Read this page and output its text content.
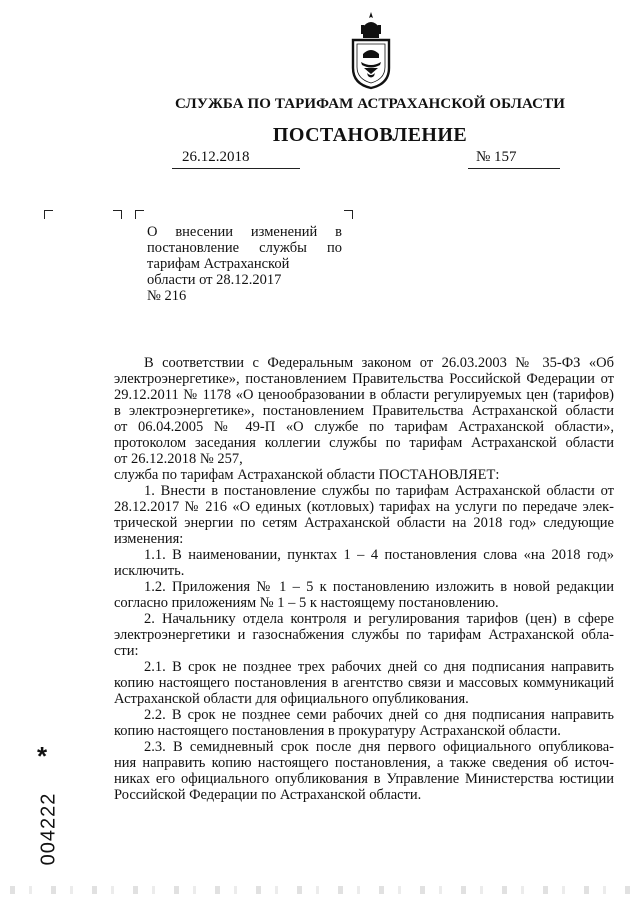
СЛУЖБА ПО ТАРИФАМ АСТРАХАНСКОЙ ОБЛАСТИ
ПОСТАНОВЛЕНИЕ
26.12.2018	№ 157
О внесении изменений в
постановление службы по
тарифам Астраханской
области от 28.12.2017
№ 216
В соответствии с Федеральным законом от 26.03.2003 № 35-ФЗ «Об
электроэнергетике», постановлением Правительства Российской Федерации от
29.12.2011 № 1178 «О ценообразовании в области регулируемых цен (тарифов)
в электроэнергетике», постановлением Правительства Астраханской области
от 06.04.2005 № 49-П «О службе по тарифам Астраханской области»,
протоколом заседания коллегии службы по тарифам Астраханской области
от 26.12.2018 № 257,
служба по тарифам Астраханской области ПОСТАНОВЛЯЕТ:
1. Внести в постановление службы по тарифам Астраханской области от
28.12.2017 № 216 «О единых (котловых) тарифах на услуги по передаче элек-
трической энергии по сетям Астраханской области на 2018 год» следующие
изменения:
1.1. В наименовании, пунктах 1 – 4 постановления слова «на 2018 год»
исключить.
1.2. Приложения № 1 – 5 к постановлению изложить в новой редакции
согласно приложениям № 1 – 5 к настоящему постановлению.
2. Начальнику отдела контроля и регулирования тарифов (цен) в сфере
электроэнергетики и газоснабжения службы по тарифам Астраханской обла-
сти:
2.1. В срок не позднее трех рабочих дней со дня подписания направить
копию настоящего постановления в агентство связи и массовых коммуникаций
Астраханской области для официального опубликования.
2.2. В срок не позднее семи рабочих дней со дня подписания направить
копию настоящего постановления в прокуратуру Астраханской области.
2.3. В семидневный срок после дня первого официального опубликова-
ния направить копию настоящего постановления, а также сведения об источ-
никах его официального опубликования в Управление Министерства юстиции
Российской Федерации по Астраханской области.
*
004222
